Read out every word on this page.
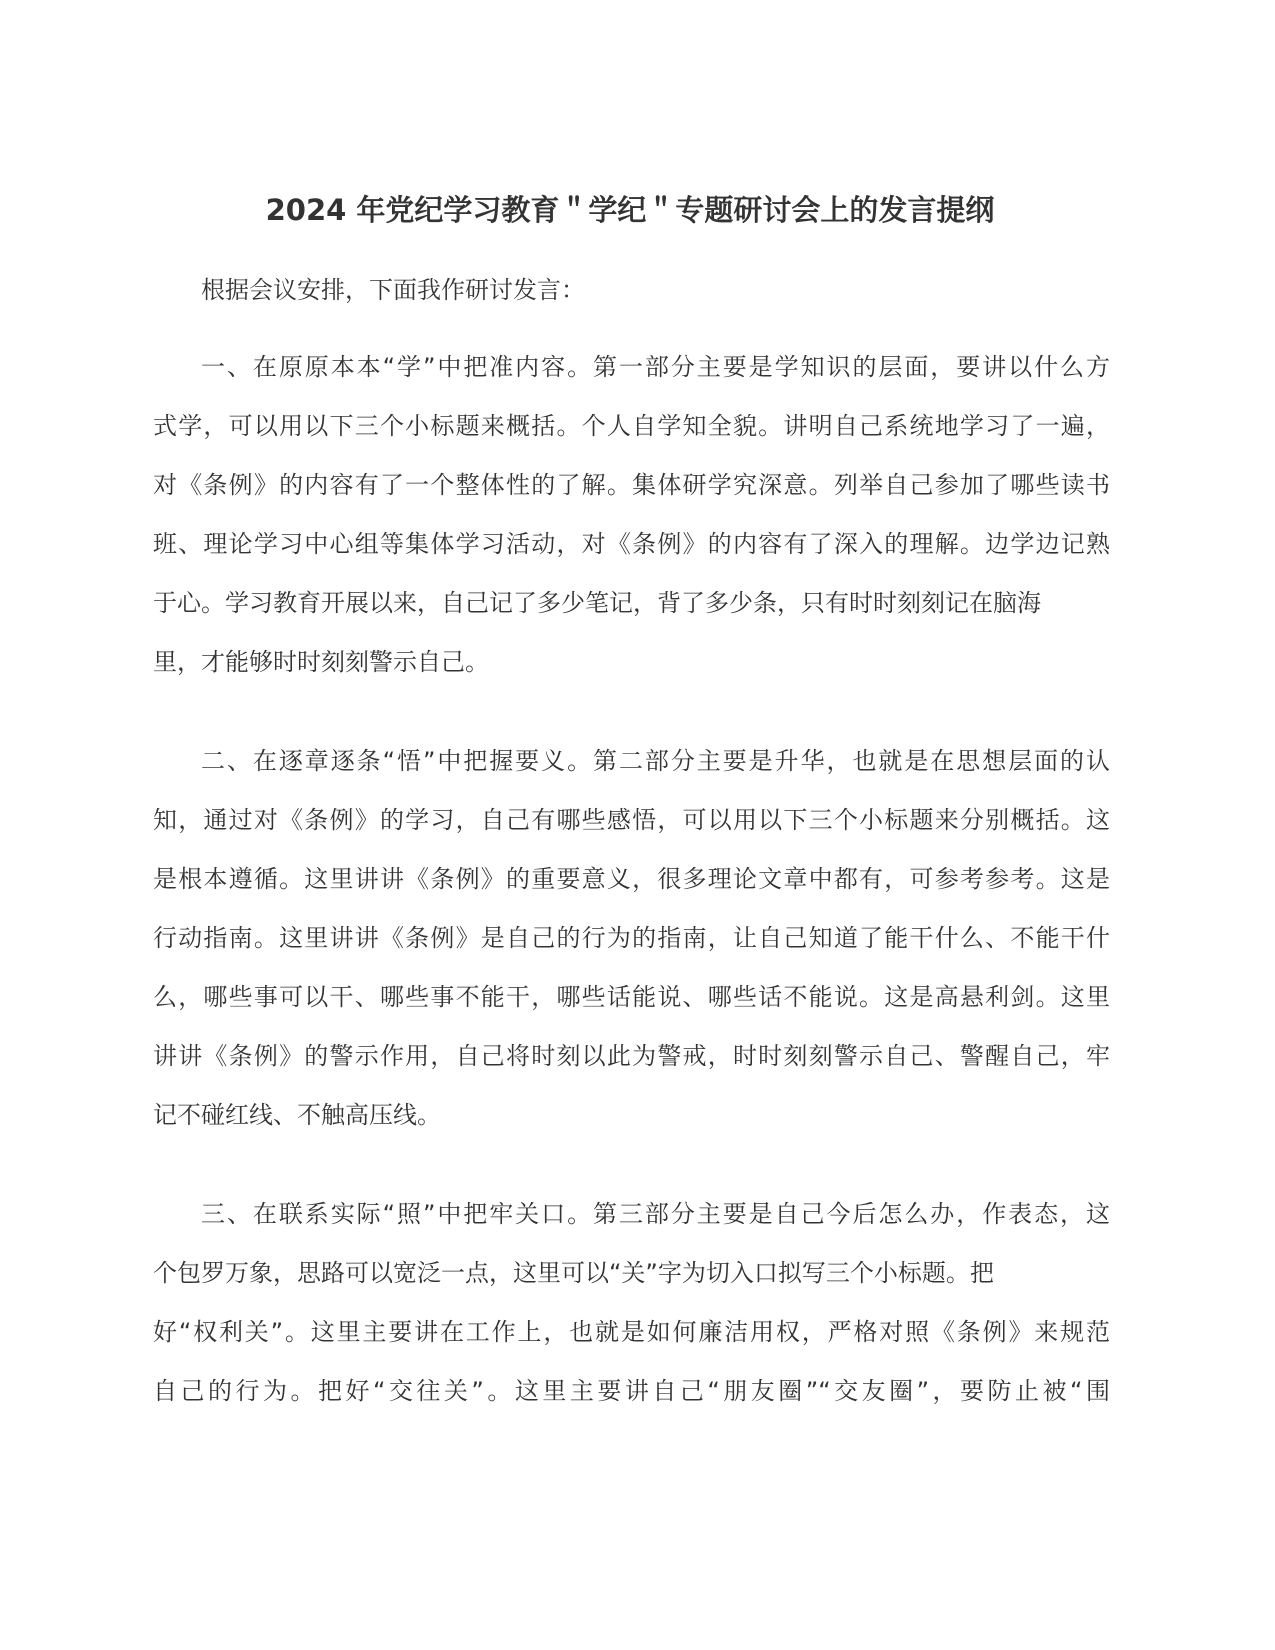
2024 年党纪学习教育＂学纪＂专题研讨会上的发言提纲

根据会议安排，下面我作研讨发言：

一、在原原本本“学”中把准内容。第一部分主要是学知识的层面，要讲以什么方
式学，可以用以下三个小标题来概括。个人自学知全貌。讲明自己系统地学习了一遍，
对《条例》的内容有了一个整体性的了解。集体研学究深意。列举自己参加了哪些读书
班、理论学习中心组等集体学习活动，对《条例》的内容有了深入的理解。边学边记熟
于心。学习教育开展以来，自己记了多少笔记，背了多少条，只有时时刻刻记在脑海
里，才能够时时刻刻警示自己。
二、在逐章逐条“悟”中把握要义。第二部分主要是升华，也就是在思想层面的认
知，通过对《条例》的学习，自己有哪些感悟，可以用以下三个小标题来分别概括。这
是根本遵循。这里讲讲《条例》的重要意义，很多理论文章中都有，可参考参考。这是
行动指南。这里讲讲《条例》是自己的行为的指南，让自己知道了能干什么、不能干什
么，哪些事可以干、哪些事不能干，哪些话能说、哪些话不能说。这是高悬利剑。这里
讲讲《条例》的警示作用，自己将时刻以此为警戒，时时刻刻警示自己、警醒自己，牢
记不碰红线、不触高压线。
三、在联系实际“照”中把牢关口。第三部分主要是自己今后怎么办，作表态，这
个包罗万象，思路可以宽泛一点，这里可以“关”字为切入口拟写三个小标题。把
好“权利关”。这里主要讲在工作上，也就是如何廉洁用权，严格对照《条例》来规范
自己的行为。把好“交往关”。这里主要讲自己“朋友圈”“交友圈”，要防止被“围
